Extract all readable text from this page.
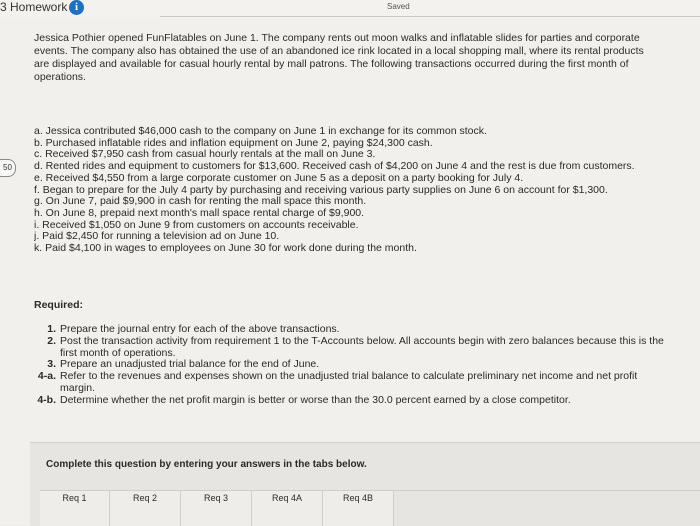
3 Homework i	Saved
Jessica Pothier opened FunFlatables on June 1. The company rents out moon walks and inflatable slides for parties and corporate
events. The company also has obtained the use of an abandoned ice rink located in a local shopping mall, where its rental products
are displayed and available for casual hourly rental by mall patrons. The following transactions occurred during the first month of
operations.
50
a. Jessica contributed $46,000 cash to the company on June 1 in exchange for its common stock.
b. Purchased inflatable rides and inflation equipment on June 2, paying $24,300 cash.
c. Received $7,950 cash from casual hourly rentals at the mall on June 3.
d. Rented rides and equipment to customers for $13,600. Received cash of $4,200 on June 4 and the rest is due from customers.
e. Received $4,550 from a large corporate customer on June 5 as a deposit on a party booking for July 4.
f. Began to prepare for the July 4 party by purchasing and receiving various party supplies on June 6 on account for $1,300.
g. On June 7, paid $9,900 in cash for renting the mall space this month.
h. On June 8, prepaid next month's mall space rental charge of $9,900.
i. Received $1,050 on June 9 from customers on accounts receivable.
j. Paid $2,450 for running a television ad on June 10.
k. Paid $4,100 in wages to employees on June 30 for work done during the month.
Required:
1. Prepare the journal entry for each of the above transactions.
2. Post the transaction activity from requirement 1 to the T-Accounts below. All accounts begin with zero balances because this is the
first month of operations.
3. Prepare an unadjusted trial balance for the end of June.
4-a. Refer to the revenues and expenses shown on the unadjusted trial balance to calculate preliminary net income and net profit
margin.
4-b. Determine whether the net profit margin is better or worse than the 30.0 percent earned by a close competitor.
Complete this question by entering your answers in the tabs below.
Req 1	Req 2	Req 3	Req 4A	Req 4B
